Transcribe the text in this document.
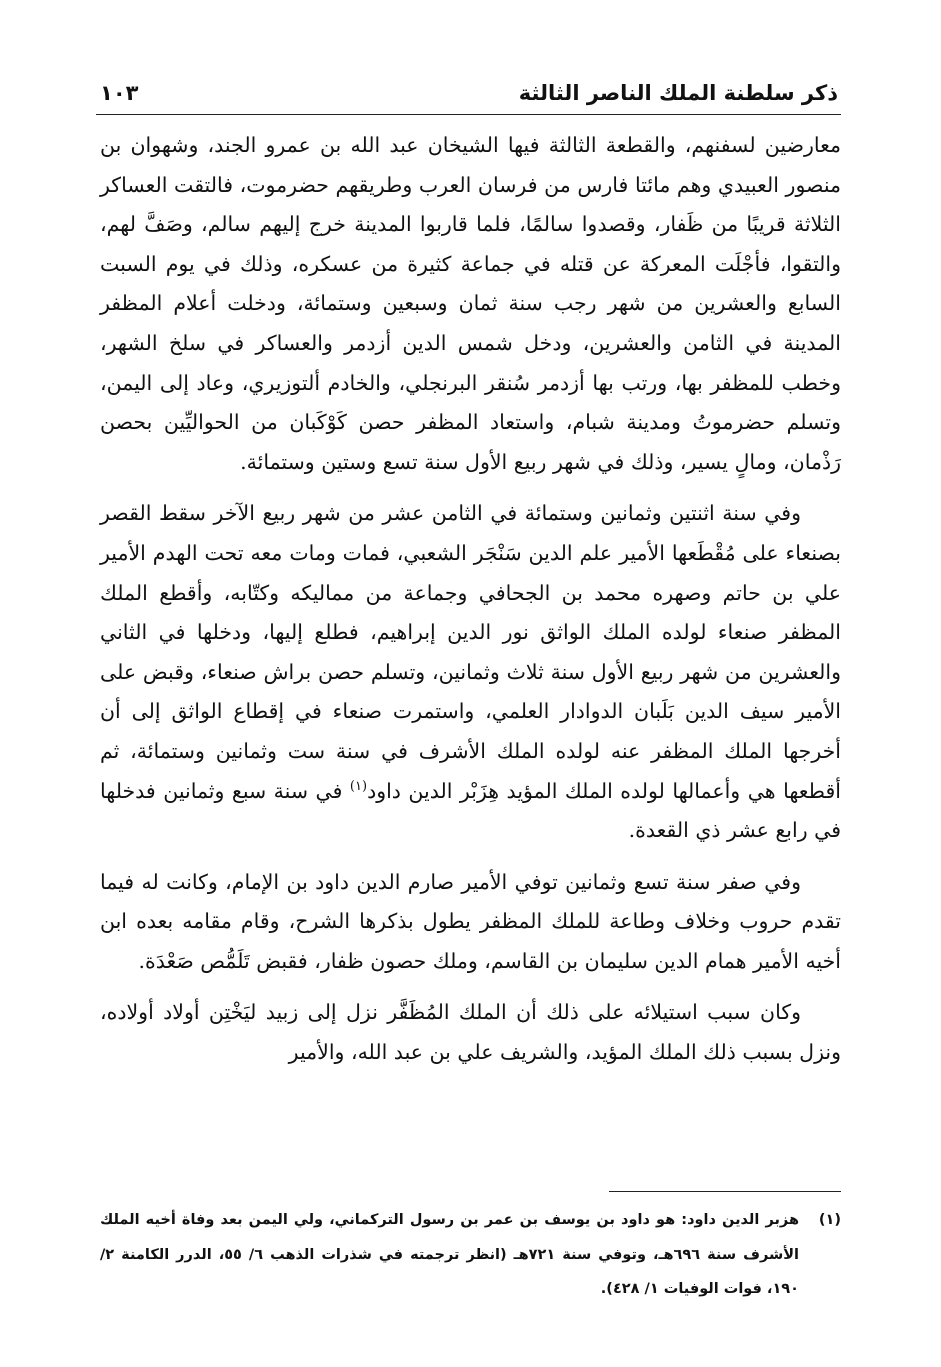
ذكر سلطنة الملك الناصر الثالثة
١٠٣

معارضين لسفنهم، والقطعة الثالثة فيها الشيخان عبد الله بن عمرو الجند، وشهوان بن منصور العبيدي وهم مائتا فارس من فرسان العرب وطريقهم حضرموت، فالتقت العساكر الثلاثة قريبًا من ظَفار، وقصدوا سالمًا، فلما قاربوا المدينة خرج إليهم سالم، وصَفَّ لهم، والتقوا، فأجْلَت المعركة عن قتله في جماعة كثيرة من عسكره، وذلك في يوم السبت السابع والعشرين من شهر رجب سنة ثمان وسبعين وستمائة، ودخلت أعلام المظفر المدينة في الثامن والعشرين، ودخل شمس الدين أزدمر والعساكر في سلخ الشهر، وخطب للمظفر بها، ورتب بها أزدمر سُنقر البرنجلي، والخادم ألتوزيري، وعاد إلى اليمن، وتسلم حضرموتُ ومدينة شبام، واستعاد المظفر حصن كَوْكَبان من الحواليِّين بحصن رَذْمان، ومالٍ يسير، وذلك في شهر ربيع الأول سنة تسع وستين وستمائة.

وفي سنة اثنتين وثمانين وستمائة في الثامن عشر من شهر ربيع الآخر سقط القصر بصنعاء على مُقْطَعها الأمير علم الدين سَنْجَر الشعبي، فمات ومات معه تحت الهدم الأمير علي بن حاتم وصهره محمد بن الجحافي وجماعة من مماليكه وكتّابه، وأقطع الملك المظفر صنعاء لولده الملك الواثق نور الدين إبراهيم، فطلع إليها، ودخلها في الثاني والعشرين من شهر ربيع الأول سنة ثلاث وثمانين، وتسلم حصن براش صنعاء، وقبض على الأمير سيف الدين بَلَبان الدوادار العلمي، واستمرت صنعاء في إقطاع الواثق إلى أن أخرجها الملك المظفر عنه لولده الملك الأشرف في سنة ست وثمانين وستمائة، ثم أقطعها هي وأعمالها لولده الملك المؤيد هِزَبْر الدين داود$^{(١)}$ في سنة سبع وثمانين فدخلها في رابع عشر ذي القعدة.

وفي صفر سنة تسع وثمانين توفي الأمير صارم الدين داود بن الإمام، وكانت له فيما تقدم حروب وخلاف وطاعة للملك المظفر يطول بذكرها الشرح، وقام مقامه بعده ابن أخيه الأمير همام الدين سليمان بن القاسم، وملك حصون ظفار، فقبض تَلَمُّص صَعْدَة.

وكان سبب استيلائه على ذلك أن الملك المُظَفَّر نزل إلى زبيد ليَخْتِن أولاد أولاده، ونزل بسبب ذلك الملك المؤيد، والشريف علي بن عبد الله، والأمير

(١)
هزبر الدين داود: هو داود بن يوسف بن عمر بن رسول التركماني، ولي اليمن بعد وفاة أخيه الملك الأشرف سنة ٦٩٦هـ، وتوفي سنة ٧٢١هـ (انظر ترجمته في شذرات الذهب ٦/ ٥٥، الدرر الكامنة ٢/ ١٩٠، فوات الوفيات ١/ ٤٢٨).
